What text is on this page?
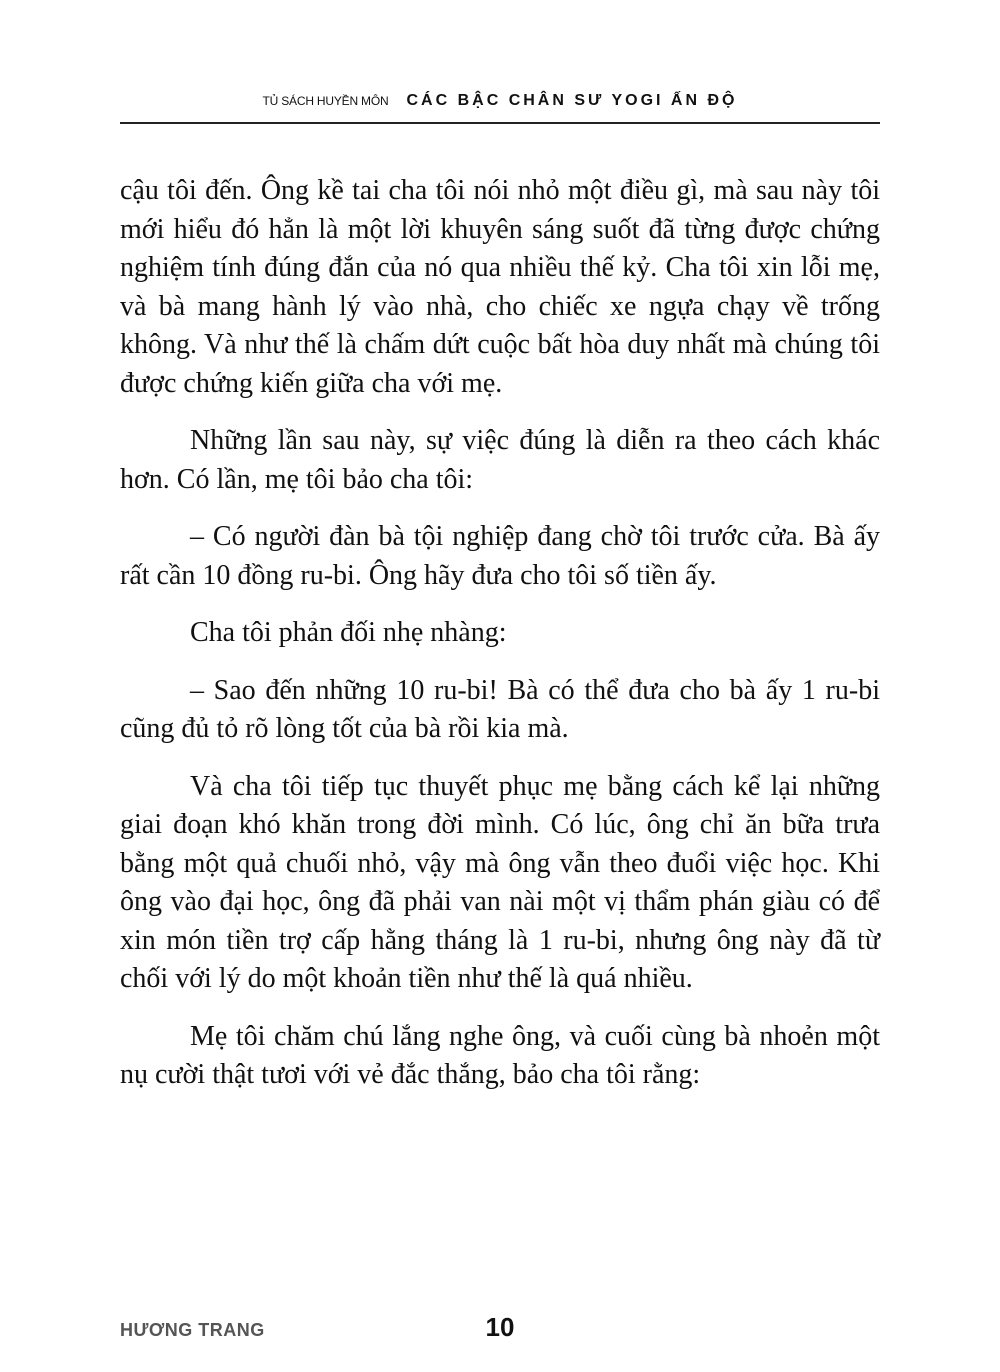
TỦ SÁCH HUYỀN MÔN CÁC BẬC CHÂN SƯ YOGI ẤN ĐỘ

cậu tôi đến. Ông kề tai cha tôi nói nhỏ một điều gì, mà sau này tôi mới hiểu đó hẳn là một lời khuyên sáng suốt đã từng được chứng nghiệm tính đúng đắn của nó qua nhiều thế kỷ. Cha tôi xin lỗi mẹ, và bà mang hành lý vào nhà, cho chiếc xe ngựa chạy về trống không. Và như thế là chấm dứt cuộc bất hòa duy nhất mà chúng tôi được chứng kiến giữa cha với mẹ.

Những lần sau này, sự việc đúng là diễn ra theo cách khác hơn. Có lần, mẹ tôi bảo cha tôi:

– Có người đàn bà tội nghiệp đang chờ tôi trước cửa. Bà ấy rất cần 10 đồng ru-bi. Ông hãy đưa cho tôi số tiền ấy.

Cha tôi phản đối nhẹ nhàng:

– Sao đến những 10 ru-bi! Bà có thể đưa cho bà ấy 1 ru-bi cũng đủ tỏ rõ lòng tốt của bà rồi kia mà.

Và cha tôi tiếp tục thuyết phục mẹ bằng cách kể lại những giai đoạn khó khăn trong đời mình. Có lúc, ông chỉ ăn bữa trưa bằng một quả chuối nhỏ, vậy mà ông vẫn theo đuổi việc học. Khi ông vào đại học, ông đã phải van nài một vị thẩm phán giàu có để xin món tiền trợ cấp hằng tháng là 1 ru-bi, nhưng ông này đã từ chối với lý do một khoản tiền như thế là quá nhiều.

Mẹ tôi chăm chú lắng nghe ông, và cuối cùng bà nhoẻn một nụ cười thật tươi với vẻ đắc thắng, bảo cha tôi rằng:

HƯƠNG TRANG	10
